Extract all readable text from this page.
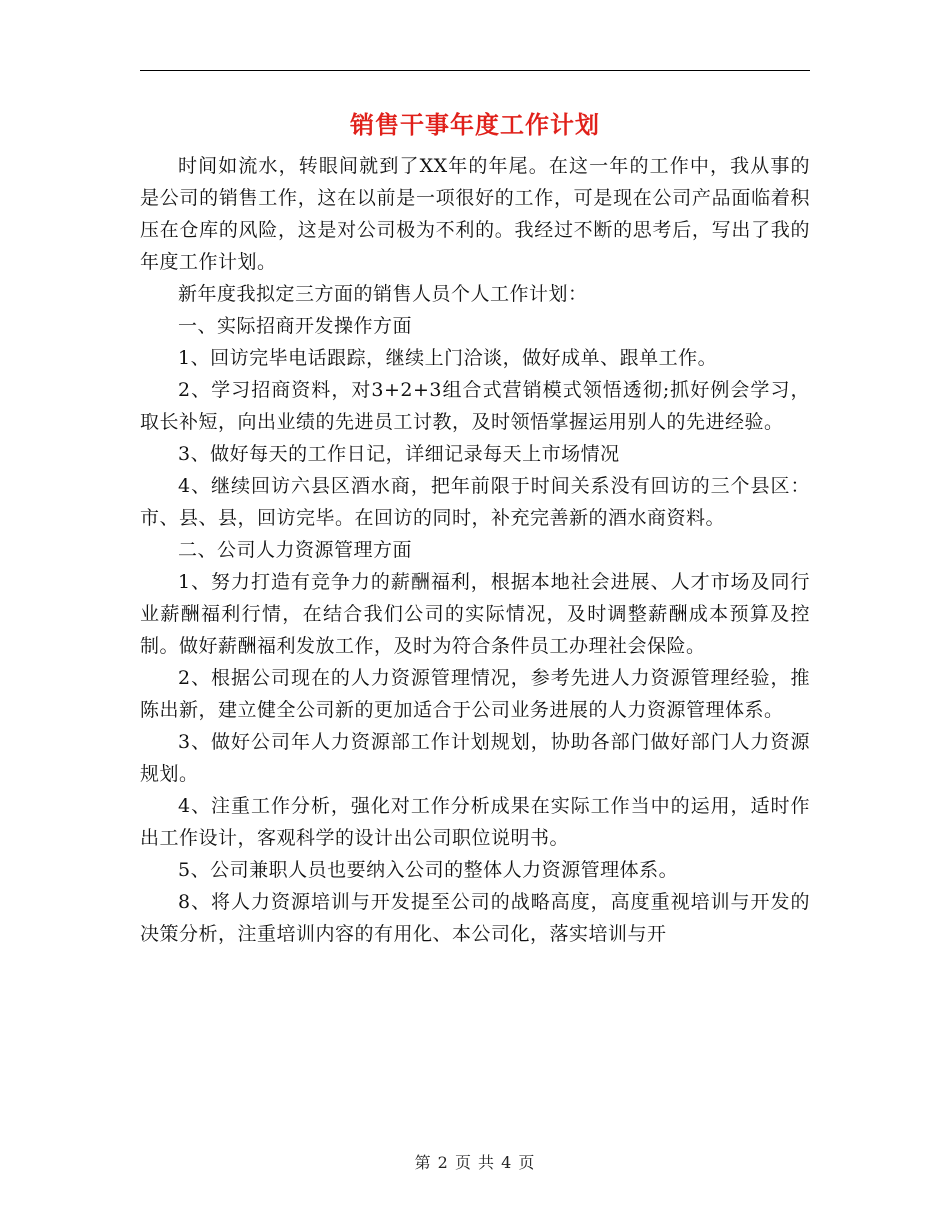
销售干事年度工作计划

时间如流水，转眼间就到了XX年的年尾。在这一年的工作中，我从事的是公司的销售工作，这在以前是一项很好的工作，可是现在公司产品面临着积压在仓库的风险，这是对公司极为不利的。我经过不断的思考后，写出了我的年度工作计划。

新年度我拟定三方面的销售人员个人工作计划：

一、实际招商开发操作方面

1、回访完毕电话跟踪，继续上门洽谈，做好成单、跟单工作。

2、学习招商资料，对3+2+3组合式营销模式领悟透彻;抓好例会学习，取长补短，向出业绩的先进员工讨教，及时领悟掌握运用别人的先进经验。

3、做好每天的工作日记，详细记录每天上市场情况

4、继续回访六县区酒水商，把年前限于时间关系没有回访的三个县区：市、县、县，回访完毕。在回访的同时，补充完善新的酒水商资料。

二、公司人力资源管理方面

1、努力打造有竞争力的薪酬福利，根据本地社会进展、人才市场及同行业薪酬福利行情，在结合我们公司的实际情况，及时调整薪酬成本预算及控制。做好薪酬福利发放工作，及时为符合条件员工办理社会保险。

2、根据公司现在的人力资源管理情况，参考先进人力资源管理经验，推陈出新，建立健全公司新的更加适合于公司业务进展的人力资源管理体系。

3、做好公司年人力资源部工作计划规划，协助各部门做好部门人力资源规划。

4、注重工作分析，强化对工作分析成果在实际工作当中的运用，适时作出工作设计，客观科学的设计出公司职位说明书。

5、公司兼职人员也要纳入公司的整体人力资源管理体系。

8、将人力资源培训与开发提至公司的战略高度，高度重视培训与开发的决策分析，注重培训内容的有用化、本公司化，落实培训与开

第 2 页 共 4 页
